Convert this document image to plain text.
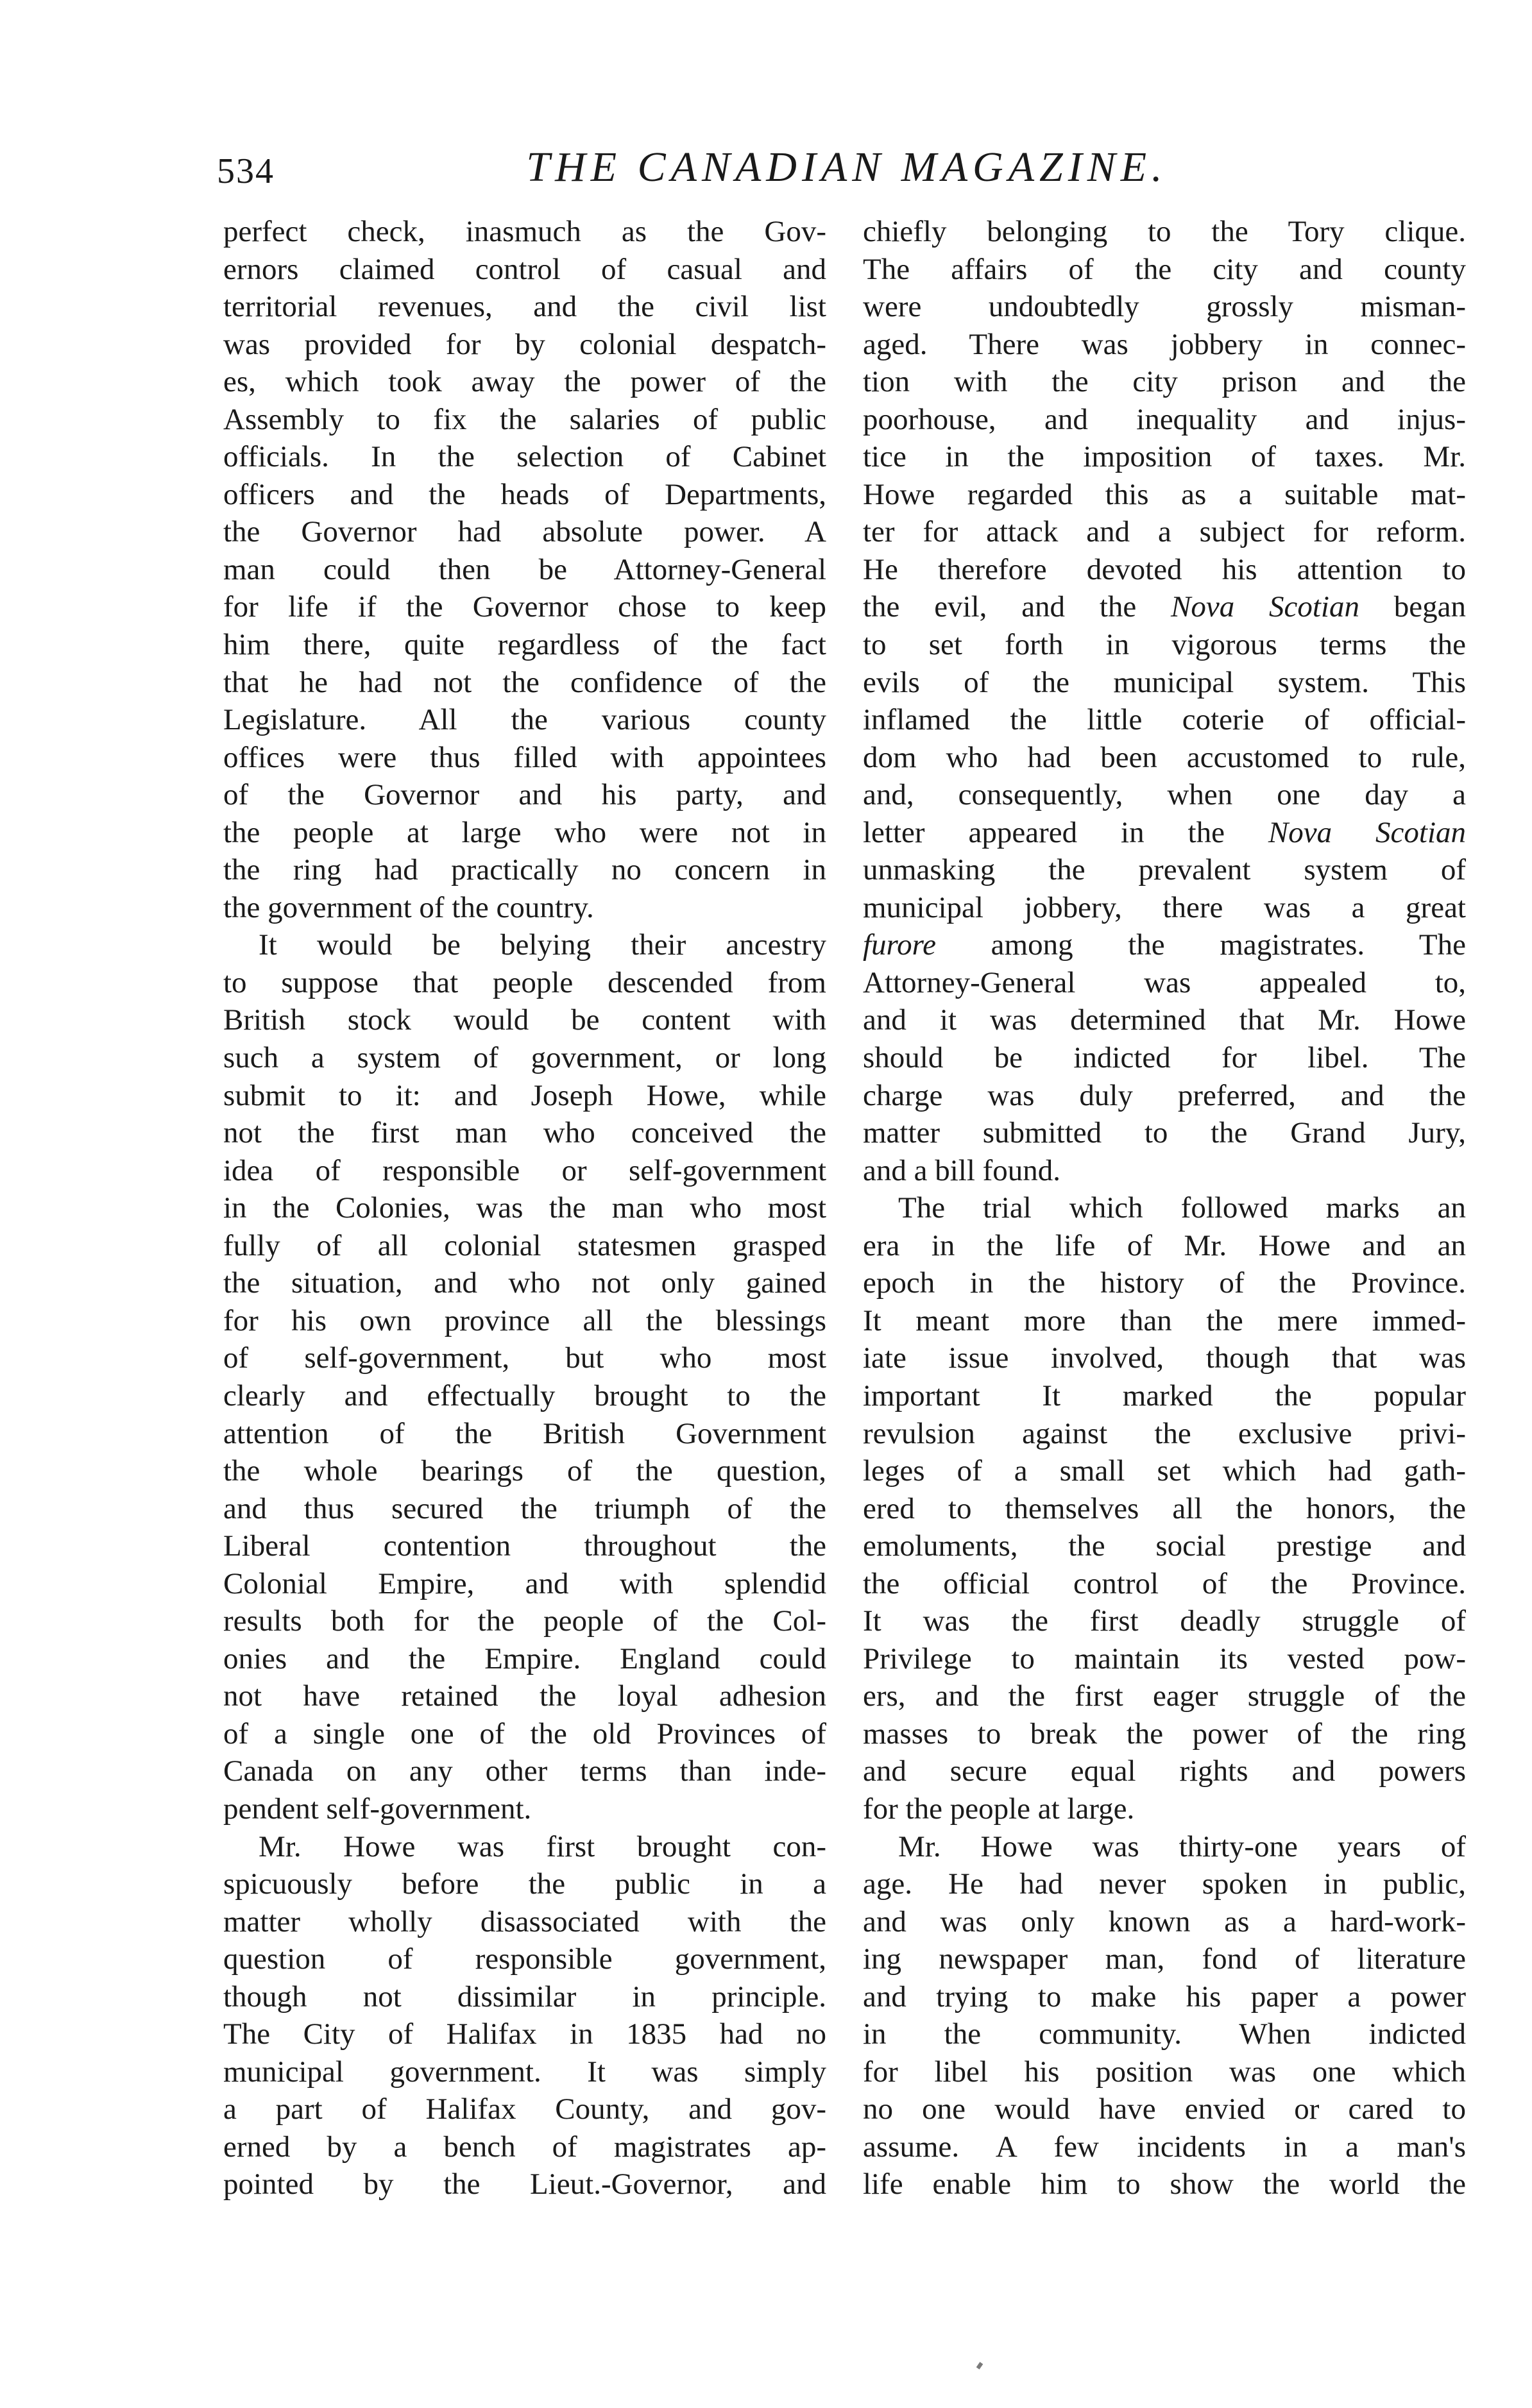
534	THE CANADIAN MAGAZINE.
perfect check, inasmuch as the Gov-
ernors claimed control of casual and
territorial revenues, and the civil list
was provided for by colonial despatch-
es, which took away the power of the
Assembly to fix the salaries of public
officials. In the selection of Cabinet
officers and the heads of Departments,
the Governor had absolute power. A
man could then be Attorney-General
for life if the Governor chose to keep
him there, quite regardless of the fact
that he had not the confidence of the
Legislature. All the various county
offices were thus filled with appointees
of the Governor and his party, and
the people at large who were not in
the ring had practically no concern in
the government of the country.
It would be belying their ancestry
to suppose that people descended from
British stock would be content with
such a system of government, or long
submit to it: and Joseph Howe, while
not the first man who conceived the
idea of responsible or self-government
in the Colonies, was the man who most
fully of all colonial statesmen grasped
the situation, and who not only gained
for his own province all the blessings
of self-government, but who most
clearly and effectually brought to the
attention of the British Government
the whole bearings of the question,
and thus secured the triumph of the
Liberal contention throughout the
Colonial Empire, and with splendid
results both for the people of the Col-
onies and the Empire. England could
not have retained the loyal adhesion
of a single one of the old Provinces of
Canada on any other terms than inde-
pendent self-government.
Mr. Howe was first brought con-
spicuously before the public in a
matter wholly disassociated with the
question of responsible government,
though not dissimilar in principle.
The City of Halifax in 1835 had no
municipal government. It was simply
a part of Halifax County, and gov-
erned by a bench of magistrates ap-
pointed by the Lieut.-Governor, and
chiefly belonging to the Tory clique.
The affairs of the city and county
were undoubtedly grossly misman-
aged. There was jobbery in connec-
tion with the city prison and the
poorhouse, and inequality and injus-
tice in the imposition of taxes. Mr.
Howe regarded this as a suitable mat-
ter for attack and a subject for reform.
He therefore devoted his attention to
the evil, and the Nova Scotian began
to set forth in vigorous terms the
evils of the municipal system. This
inflamed the little coterie of official-
dom who had been accustomed to rule,
and, consequently, when one day a
letter appeared in the Nova Scotian
unmasking the prevalent system of
municipal jobbery, there was a great
furore among the magistrates. The
Attorney-General was appealed to,
and it was determined that Mr. Howe
should be indicted for libel. The
charge was duly preferred, and the
matter submitted to the Grand Jury,
and a bill found.
The trial which followed marks an
era in the life of Mr. Howe and an
epoch in the history of the Province.
It meant more than the mere immed-
iate issue involved, though that was
important It marked the popular
revulsion against the exclusive privi-
leges of a small set which had gath-
ered to themselves all the honors, the
emoluments, the social prestige and
the official control of the Province.
It was the first deadly struggle of
Privilege to maintain its vested pow-
ers, and the first eager struggle of the
masses to break the power of the ring
and secure equal rights and powers
for the people at large.
Mr. Howe was thirty-one years of
age. He had never spoken in public,
and was only known as a hard-work-
ing newspaper man, fond of literature
and trying to make his paper a power
in the community. When indicted
for libel his position was one which
no one would have envied or cared to
assume. A few incidents in a man's
life enable him to show the world the
